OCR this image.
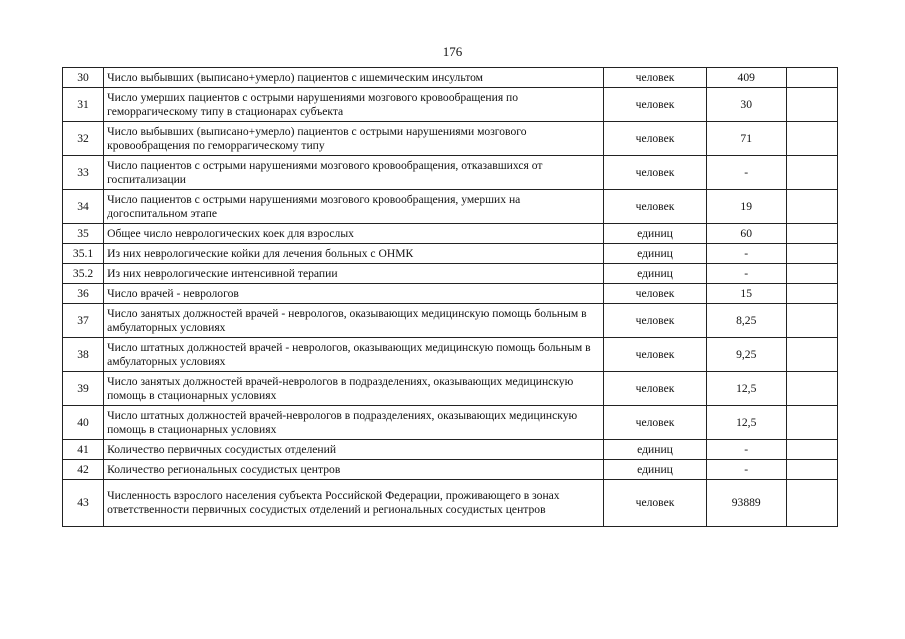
176
30	Число выбывших (выписано+умерло) пациентов с ишемическим инсультом	человек	409	
31	Число умерших пациентов с острыми нарушениями мозгового кровообращения по геморрагическому типу в стационарах субъекта	человек	30	
32	Число выбывших (выписано+умерло) пациентов с острыми нарушениями мозгового кровообращения по геморрагическому типу	человек	71	
33	Число пациентов с острыми нарушениями мозгового кровообращения, отказавшихся от госпитализации	человек	-	
34	Число пациентов с острыми нарушениями мозгового кровообращения, умерших на догоспитальном этапе	человек	19	
35	Общее число неврологических коек для взрослых	единиц	60	
35.1	Из них неврологические койки для лечения больных с ОНМК	единиц	-	
35.2	Из них неврологические интенсивной терапии	единиц	-	
36	Число врачей - неврологов	человек	15	
37	Число занятых должностей врачей - неврологов, оказывающих медицинскую помощь больным в амбулаторных условиях	человек	8,25	
38	Число штатных должностей врачей - неврологов, оказывающих медицинскую помощь больным в амбулаторных условиях	человек	9,25	
39	Число занятых должностей врачей-неврологов в подразделениях, оказывающих медицинскую помощь в стационарных условиях	человек	12,5	
40	Число штатных должностей врачей-неврологов в подразделениях, оказывающих медицинскую помощь в стационарных условиях	человек	12,5	
41	Количество первичных сосудистых отделений	единиц	-	
42	Количество региональных сосудистых центров	единиц	-	
43	Численность взрослого населения субъекта Российской Федерации, проживающего в зонах ответственности первичных сосудистых отделений и региональных сосудистых центров	человек	93889	
